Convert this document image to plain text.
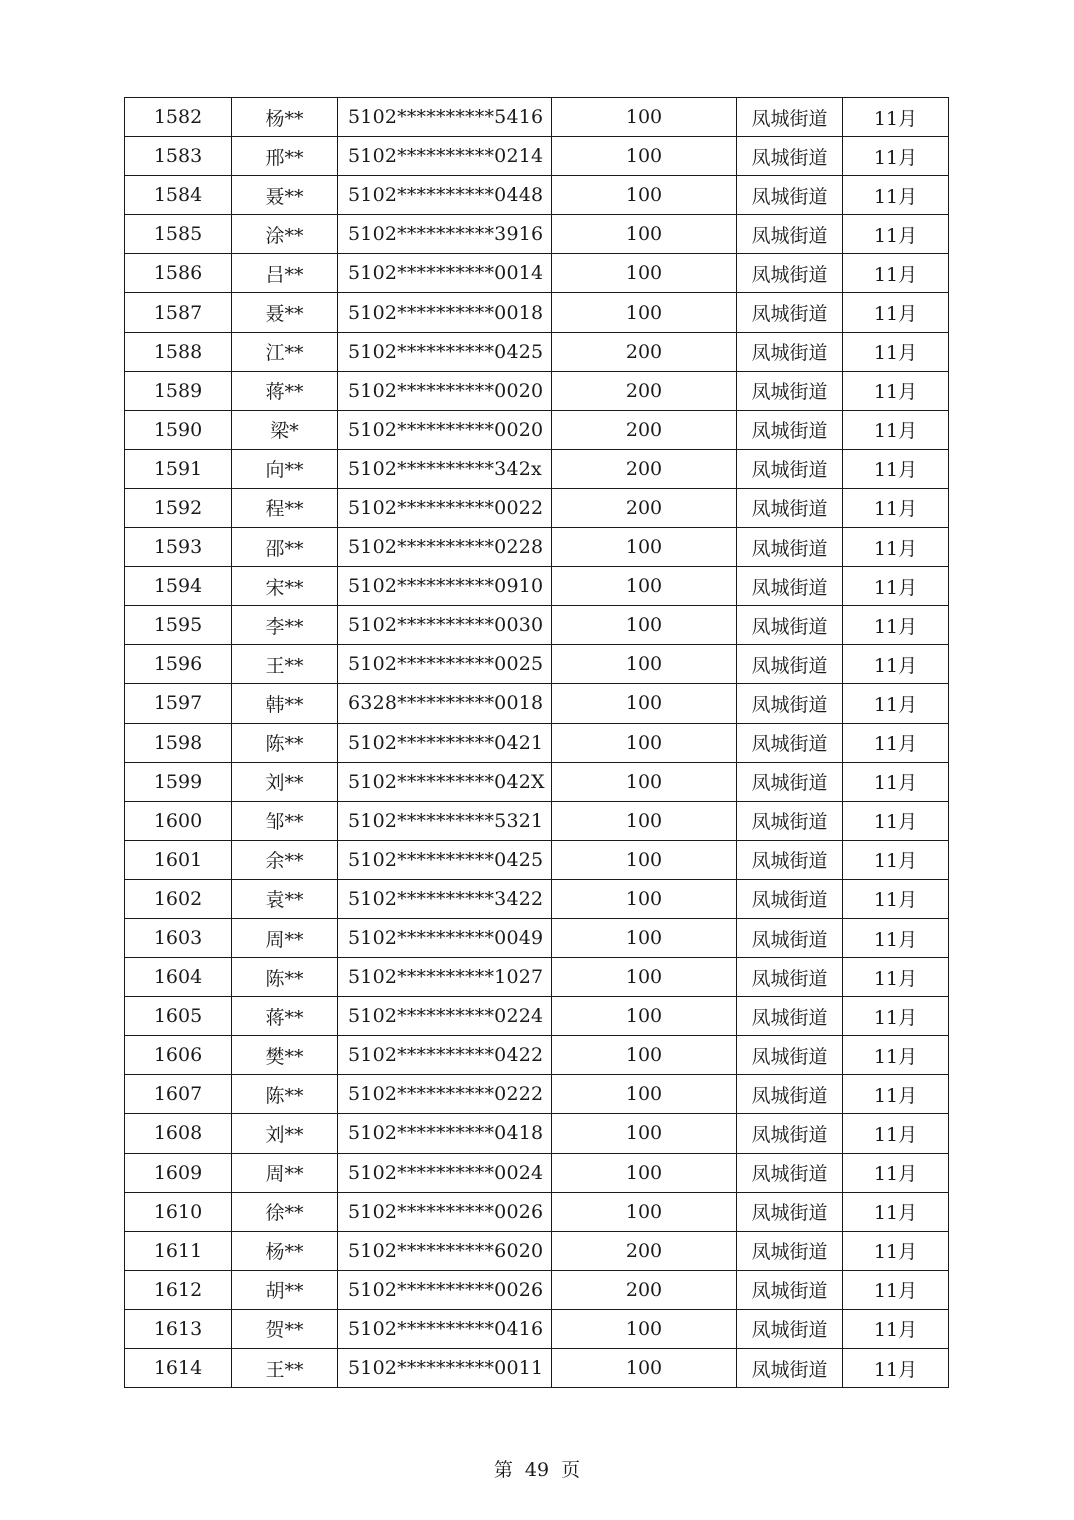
1582	杨**	5102**********5416	100	凤城街道	11月
1583	邢**	5102**********0214	100	凤城街道	11月
1584	聂**	5102**********0448	100	凤城街道	11月
1585	涂**	5102**********3916	100	凤城街道	11月
1586	吕**	5102**********0014	100	凤城街道	11月
1587	聂**	5102**********0018	100	凤城街道	11月
1588	江**	5102**********0425	200	凤城街道	11月
1589	蒋**	5102**********0020	200	凤城街道	11月
1590	梁*	5102**********0020	200	凤城街道	11月
1591	向**	5102**********342x	200	凤城街道	11月
1592	程**	5102**********0022	200	凤城街道	11月
1593	邵**	5102**********0228	100	凤城街道	11月
1594	宋**	5102**********0910	100	凤城街道	11月
1595	李**	5102**********0030	100	凤城街道	11月
1596	王**	5102**********0025	100	凤城街道	11月
1597	韩**	6328**********0018	100	凤城街道	11月
1598	陈**	5102**********0421	100	凤城街道	11月
1599	刘**	5102**********042X	100	凤城街道	11月
1600	邹**	5102**********5321	100	凤城街道	11月
1601	余**	5102**********0425	100	凤城街道	11月
1602	袁**	5102**********3422	100	凤城街道	11月
1603	周**	5102**********0049	100	凤城街道	11月
1604	陈**	5102**********1027	100	凤城街道	11月
1605	蒋**	5102**********0224	100	凤城街道	11月
1606	樊**	5102**********0422	100	凤城街道	11月
1607	陈**	5102**********0222	100	凤城街道	11月
1608	刘**	5102**********0418	100	凤城街道	11月
1609	周**	5102**********0024	100	凤城街道	11月
1610	徐**	5102**********0026	100	凤城街道	11月
1611	杨**	5102**********6020	200	凤城街道	11月
1612	胡**	5102**********0026	200	凤城街道	11月
1613	贺**	5102**********0416	100	凤城街道	11月
1614	王**	5102**********0011	100	凤城街道	11月
第 49 页
